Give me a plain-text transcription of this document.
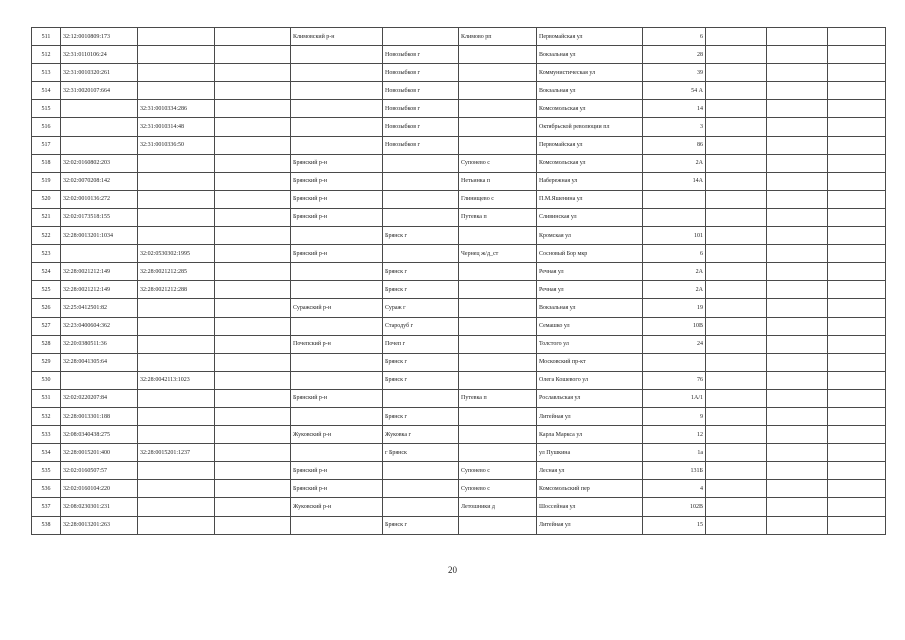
511	32:12:0010809:173			Климовский р-н		Климово рп	Первомайская ул	6			
512	32:31:0110106:24				Новозыбков г		Вокзальная ул	28			
513	32:31:0010320:261				Новозыбков г		Коммунистическая ул	39			
514	32:31:0020107:664				Новозыбков г		Вокзальная ул	54 А			
515		32:31:0010334:286			Новозыбков г		Комсомольская ул	14			
516		32:31:0010314:48			Новозыбков г		Октябрьской революции пл	3			
517		32:31:0010336:50			Новозыбков г		Первомайская ул	86			
518	32:02:0160802:203			Брянский р-н		Супонево с	Комсомольская ул	2А			
519	32:02:0070208:142			Брянский р-н		Нетьинка п	Набережная ул	14А			
520	32:02:0010136:272			Брянский р-н		Глинищево с	П.М.Яшенина ул				
521	32:02:0173518:155			Брянский р-н		Путевка п	Сливинская ул				
522	32:28:0013201:1034				Брянск г		Кромская ул	101			
523		32:02:0530302:1995		Брянский р-н		Чернец ж/д_ст	Сосновый Бор мкр	6			
524	32:28:0021212:149	32:28:0021212:285			Брянск г		Речная ул	2А			
525	32:28:0021212:149	32:28:0021212:288			Брянск г		Речная ул	2А			
526	32:25:0412501:82			Суражский р-н	Сураж г		Вокзальная ул	19			
527	32:23:0400604:362				Стародуб г		Семашко ул	10В			
528	32:20:0380511:36			Почепский р-н	Почеп г		Толстого ул	24			
529	32:28:0041305:64				Брянск г		Московский пр-кт				
530		32:28:0042113:1023			Брянск г		Олега Кошевого ул	76			
531	32:02:0220207:84			Брянский р-н		Путевка п	Рославльская ул	1А/1			
532	32:28:0013301:188				Брянск г		Литейная ул	9			
533	32:08:0340438:275			Жуковский р-н	Жуковка г		Карла Маркса ул	12			
534	32:28:0015201:400	32:28:0015201:1237			г Брянск		ул Пушкина	1а			
535	32:02:0160507:57			Брянский р-н		Супонево с	Лесная ул	131Б			
536	32:02:0160104:220			Брянский р-н		Супонево с	Комсомольский пер	4			
537	32:08:0230301:231			Жуковский р-н		Летошники д	Шоссейная ул	102В			
538	32:28:0013201:263				Брянск г		Литейная ул	15			
20
